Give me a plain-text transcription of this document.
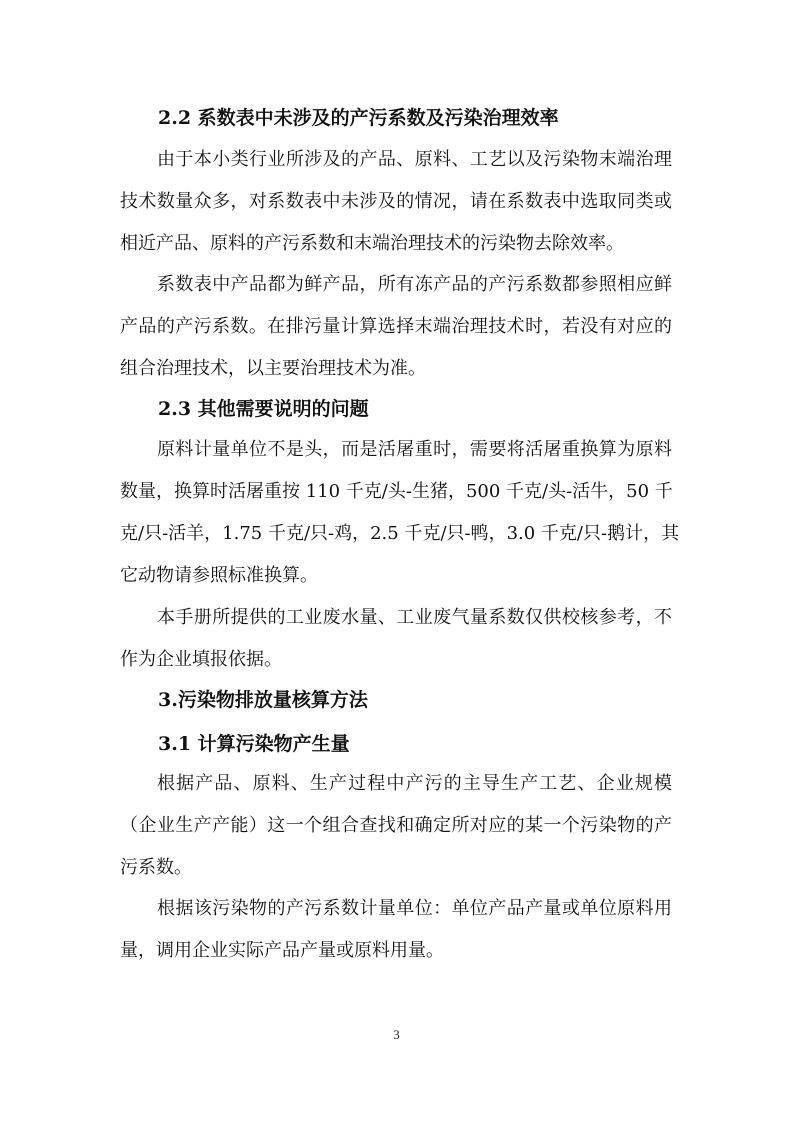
2.2 系数表中未涉及的产污系数及污染治理效率
由于本小类行业所涉及的产品、原料、工艺以及污染物末端治理
技术数量众多，对系数表中未涉及的情况，请在系数表中选取同类或
相近产品、原料的产污系数和末端治理技术的污染物去除效率。
系数表中产品都为鲜产品，所有冻产品的产污系数都参照相应鲜
产品的产污系数。在排污量计算选择末端治理技术时，若没有对应的
组合治理技术，以主要治理技术为准。
2.3 其他需要说明的问题
原料计量单位不是头，而是活屠重时，需要将活屠重换算为原料
数量，换算时活屠重按 110 千克/头-生猪，500 千克/头-活牛，50 千
克/只-活羊，1.75 千克/只-鸡，2.5 千克/只-鸭，3.0 千克/只-鹅计，其
它动物请参照标准换算。
本手册所提供的工业废水量、工业废气量系数仅供校核参考，不
作为企业填报依据。
3.污染物排放量核算方法
3.1 计算污染物产生量
根据产品、原料、生产过程中产污的主导生产工艺、企业规模
（企业生产产能）这一个组合查找和确定所对应的某一个污染物的产
污系数。
根据该污染物的产污系数计量单位：单位产品产量或单位原料用
量，调用企业实际产品产量或原料用量。
3
